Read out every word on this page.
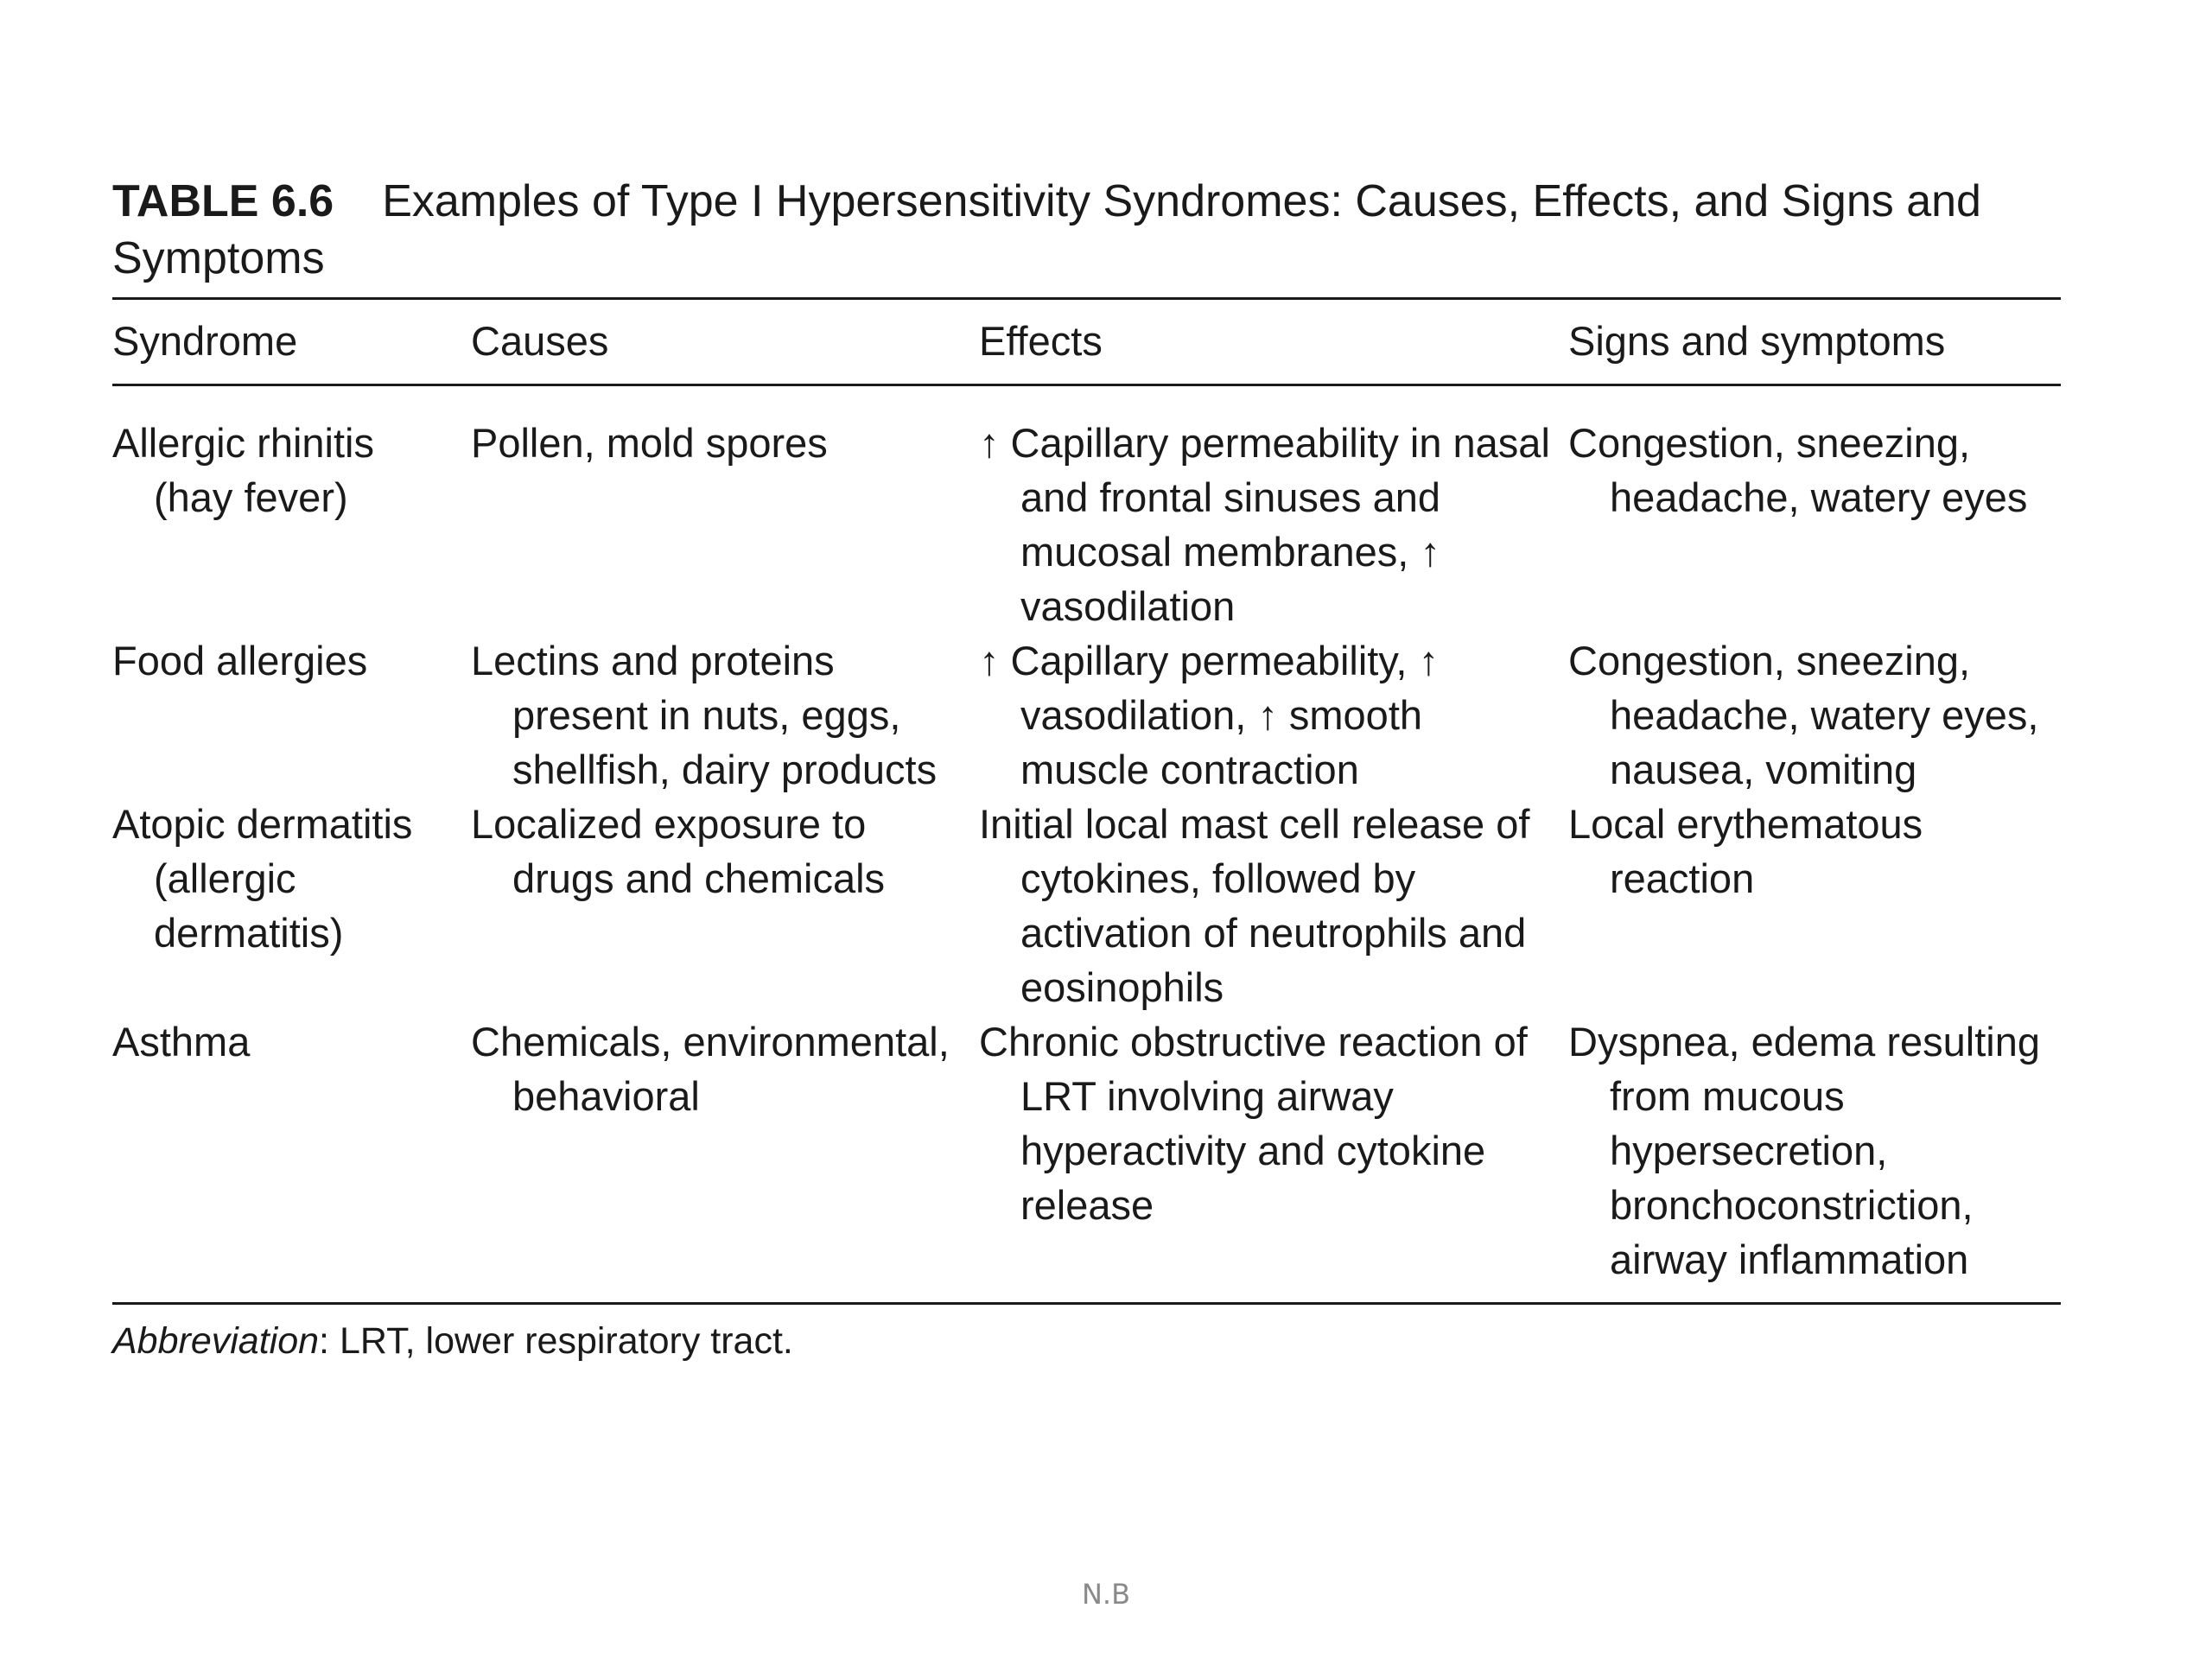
TABLE 6.6 Examples of Type I Hypersensitivity Syndromes: Causes, Effects, and Signs and Symptoms

Syndrome	Causes	Effects	Signs and symptoms

Allergic rhinitis (hay fever)	Pollen, mold spores	↑ Capillary permeability in nasal and frontal sinuses and mucosal membranes, ↑ vasodilation	Congestion, sneezing, headache, watery eyes

Food allergies	Lectins and proteins present in nuts, eggs, shellfish, dairy products	↑ Capillary permeability, ↑ vasodilation, ↑ smooth muscle contraction	Congestion, sneezing, headache, watery eyes, nausea, vomiting

Atopic dermatitis (allergic dermatitis)	Localized exposure to drugs and chemicals	Initial local mast cell release of cytokines, followed by activation of neutrophils and eosinophils	Local erythematous reaction

Asthma	Chemicals, environmental, behavioral	Chronic obstructive reaction of LRT involving airway hyperactivity and cytokine release	Dyspnea, edema resulting from mucous hypersecretion, bronchoconstriction, airway inflammation
Abbreviation: LRT, lower respiratory tract.
N.B
